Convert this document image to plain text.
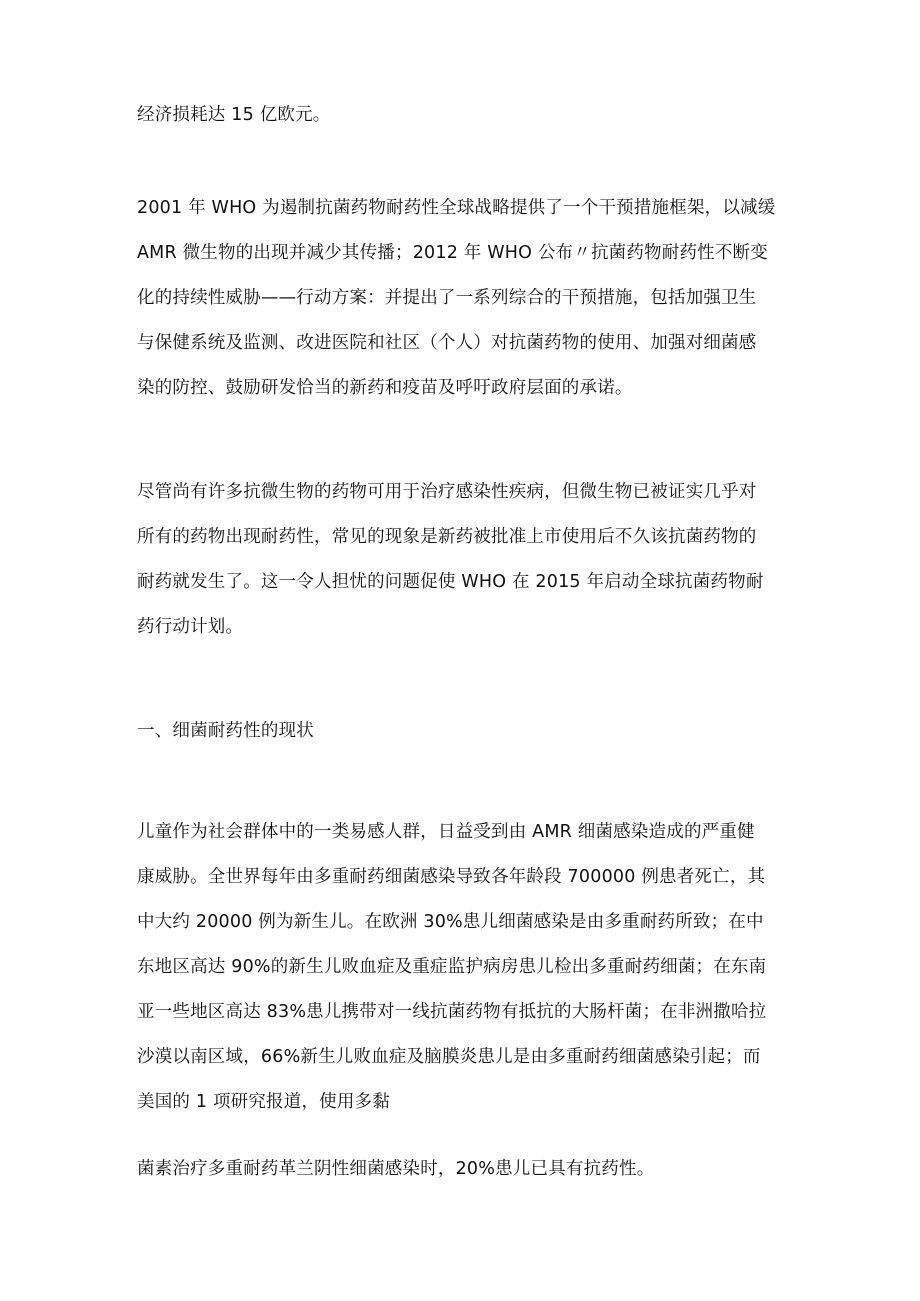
经济损耗达 15 亿欧元。

2001 年 WHO 为遏制抗菌药物耐药性全球战略提供了一个干预措施框架，以减缓

AMR 微生物的出现并减少其传播；2012 年 WHO 公布〃抗菌药物耐药性不断变

化的持续性威胁——行动方案：并提出了一系列综合的干预措施，包括加强卫生

与保健系统及监测、改进医院和社区（个人）对抗菌药物的使用、加强对细菌感

染的防控、鼓励研发恰当的新药和疫苗及呼吁政府层面的承诺。

尽管尚有许多抗微生物的药物可用于治疗感染性疾病，但微生物已被证实几乎对

所有的药物出现耐药性，常见的现象是新药被批准上市使用后不久该抗菌药物的

耐药就发生了。这一令人担忧的问题促使 WHO 在 2015 年启动全球抗菌药物耐

药行动计划。

一、细菌耐药性的现状

儿童作为社会群体中的一类易感人群，日益受到由 AMR 细菌感染造成的严重健

康威胁。全世界每年由多重耐药细菌感染导致各年龄段 700000 例患者死亡，其

中大约 20000 例为新生儿。在欧洲 30%患儿细菌感染是由多重耐药所致；在中

东地区高达 90%的新生儿败血症及重症监护病房患儿检出多重耐药细菌；在东南

亚一些地区高达 83%患儿携带对一线抗菌药物有抵抗的大肠杆菌；在非洲撒哈拉

沙漠以南区域，66%新生儿败血症及脑膜炎患儿是由多重耐药细菌感染引起；而

美国的 1 项研究报道，使用多黏

菌素治疗多重耐药革兰阴性细菌感染时，20%患儿已具有抗药性。
